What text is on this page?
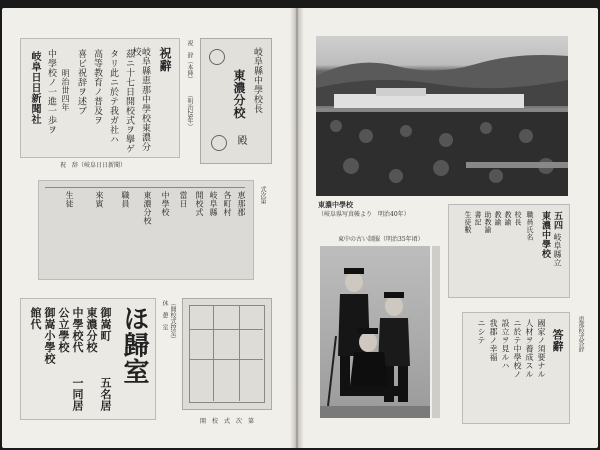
祝辭
岐阜縣恵那中學校東濃分校
茲ニ十七日開校式ヲ擧ゲ
タリ此ニ於テ我ガ社ハ
高等教育ノ普及ヲ
喜ビ祝辞ヲ述ブ
明治丗四年
中學校ノ一進一歩ヲ
岐阜日日新聞社
祝　辞（岐阜日日新聞）
祝　辞（本陣）
（明治29年）	岐阜縣中學校長
東濃分校
殿
恵那郡
各町村
岐阜縣
開校式
當日
中學校
東濃分校
職員
來賓
生徒	式次第
ほ歸室
御嵩町
東濃分校
中學校代
公立學校
御嵩小學校
館代
五名居
一同居
休　憩　室 （開校式控室）
開　校　式　次　第
東濃中學校
（岐阜県写真帳より　明治40年）
東中の古い制服（明治35年頃）
五四
岐阜縣立
東濃中學校
職員氏名
校長
教諭
教諭
助教諭
書記
生徒數
答辭
國家ノ須要ナル
人材ヲ養成スル
ニ於テ中學校ノ
設立ヲ見ルハ
我郡ノ幸福
ニシテ	恵那校式答辞
